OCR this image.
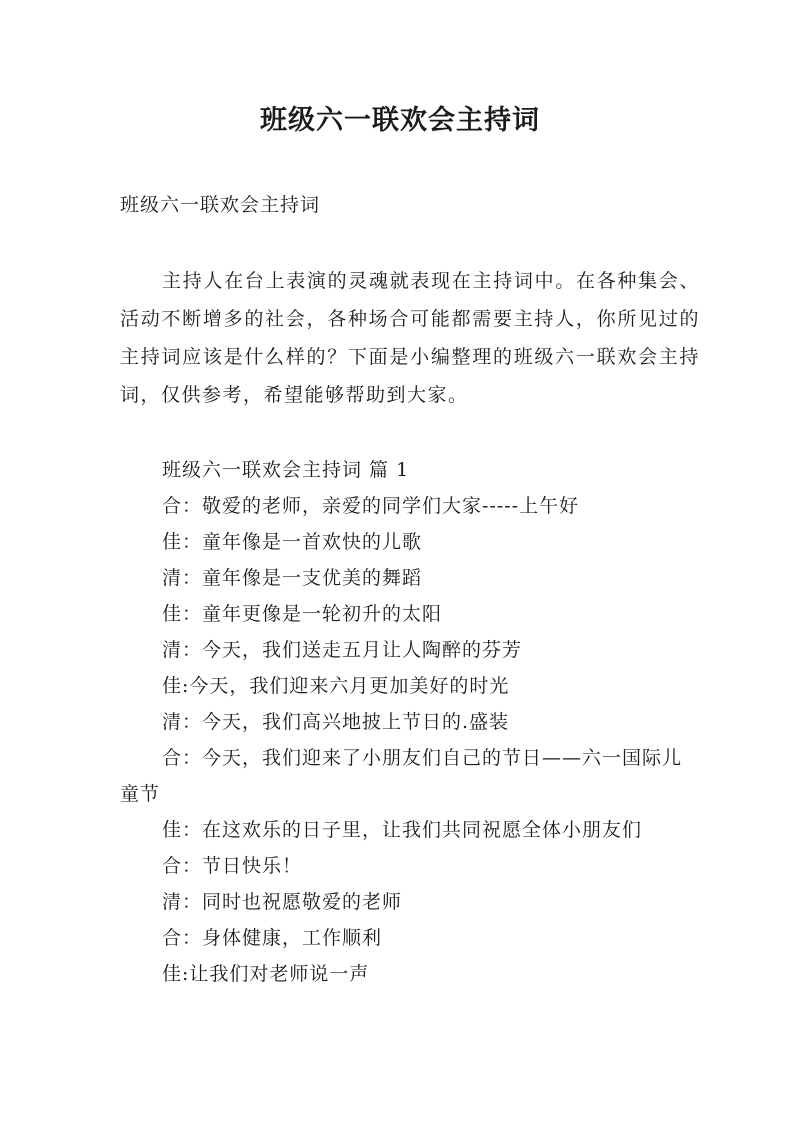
班级六一联欢会主持词
班级六一联欢会主持词
主持人在台上表演的灵魂就表现在主持词中。在各种集会、活动不断增多的社会，各种场合可能都需要主持人，你所见过的主持词应该是什么样的？下面是小编整理的班级六一联欢会主持词，仅供参考，希望能够帮助到大家。
班级六一联欢会主持词 篇 1
合：敬爱的老师，亲爱的同学们大家-----上午好
佳：童年像是一首欢快的儿歌
清：童年像是一支优美的舞蹈
佳：童年更像是一轮初升的太阳
清：今天，我们送走五月让人陶醉的芬芳
佳:今天，我们迎来六月更加美好的时光
清：今天，我们高兴地披上节日的.盛装
合：今天，我们迎来了小朋友们自己的节日——六一国际儿童节
佳：在这欢乐的日子里，让我们共同祝愿全体小朋友们
合：节日快乐！
清：同时也祝愿敬爱的老师
合：身体健康，工作顺利
佳:让我们对老师说一声
